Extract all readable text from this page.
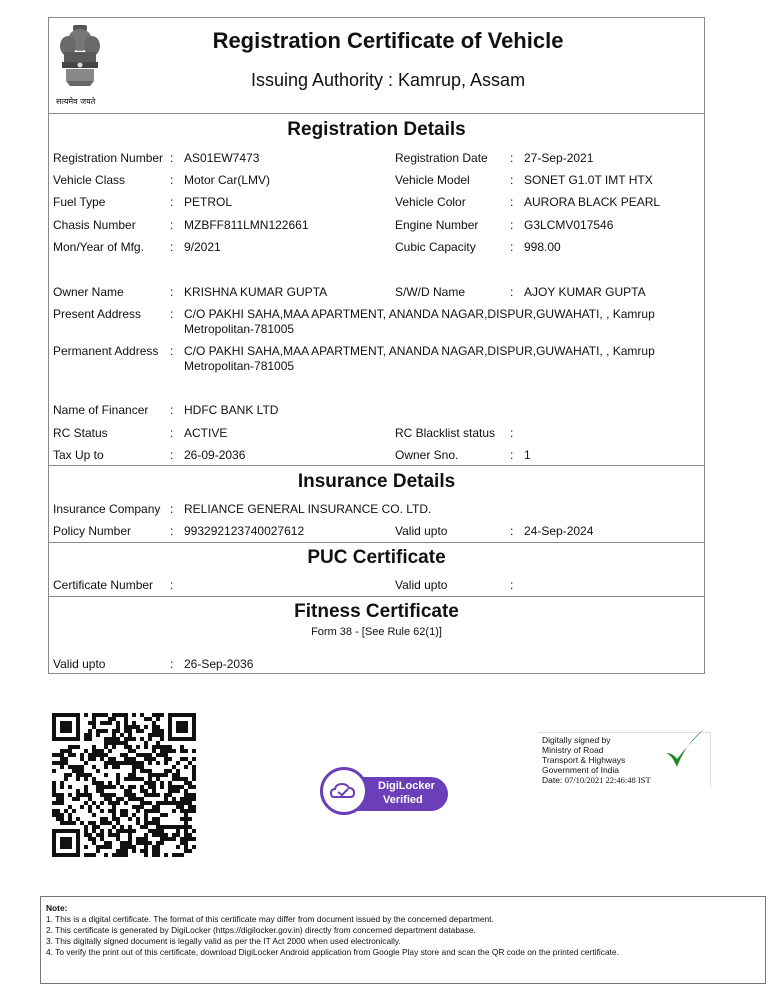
सत्यमेव जयते
Registration Certificate of Vehicle
Issuing Authority : Kamrup, Assam
Registration Details
Registration Number : AS01EW7473	Registration Date : 27-Sep-2021
Vehicle Class	: Motor Car(LMV)	Vehicle Model	: SONET G1.0T IMT HTX
Fuel Type	: PETROL	Vehicle Color	: AURORA BLACK PEARL
Chasis Number	: MZBFF811LMN122661	Engine Number	: G3LCMV017546
Mon/Year of Mfg. : 9/2021	Cubic Capacity	: 998.00
Owner Name	: KRISHNA KUMAR GUPTA	S/W/D Name	: AJOY KUMAR GUPTA
Present Address : C/O PAKHI SAHA,MAA APARTMENT, ANANDA NAGAR,DISPUR,GUWAHATI, , Kamrup Metropolitan-781005
Permanent Address : C/O PAKHI SAHA,MAA APARTMENT, ANANDA NAGAR,DISPUR,GUWAHATI, , Kamrup Metropolitan-781005
Name of Financer : HDFC BANK LTD
RC Status	: ACTIVE	RC Blacklist status :
Tax Up to	: 26-09-2036	Owner Sno.	: 1
Insurance Details
Insurance Company : RELIANCE GENERAL INSURANCE CO. LTD.
Policy Number	: 993292123740027612	Valid upto	: 24-Sep-2024
PUC Certificate
Certificate Number :	Valid upto	:
Fitness Certificate
Form 38 - [See Rule 62(1)]
Valid upto	: 26-Sep-2036
DigiLocker
Verified
Digitally signed by
Ministry of Road
Transport & Highways
Government of India
Date: 07/10/2021 22:46:48 IST
Note:
1. This is a digital certificate. The format of this certificate may differ from document issued by the concerned department.
2. This certificate is generated by DigiLocker (https://digilocker.gov.in) directly from concerned department database.
3. This digitally signed document is legally valid as per the IT Act 2000 when used electronically.
4. To verify the print out of this certificate, download DigiLocker Android application from Google Play store and scan the QR code on the printed certificate.
